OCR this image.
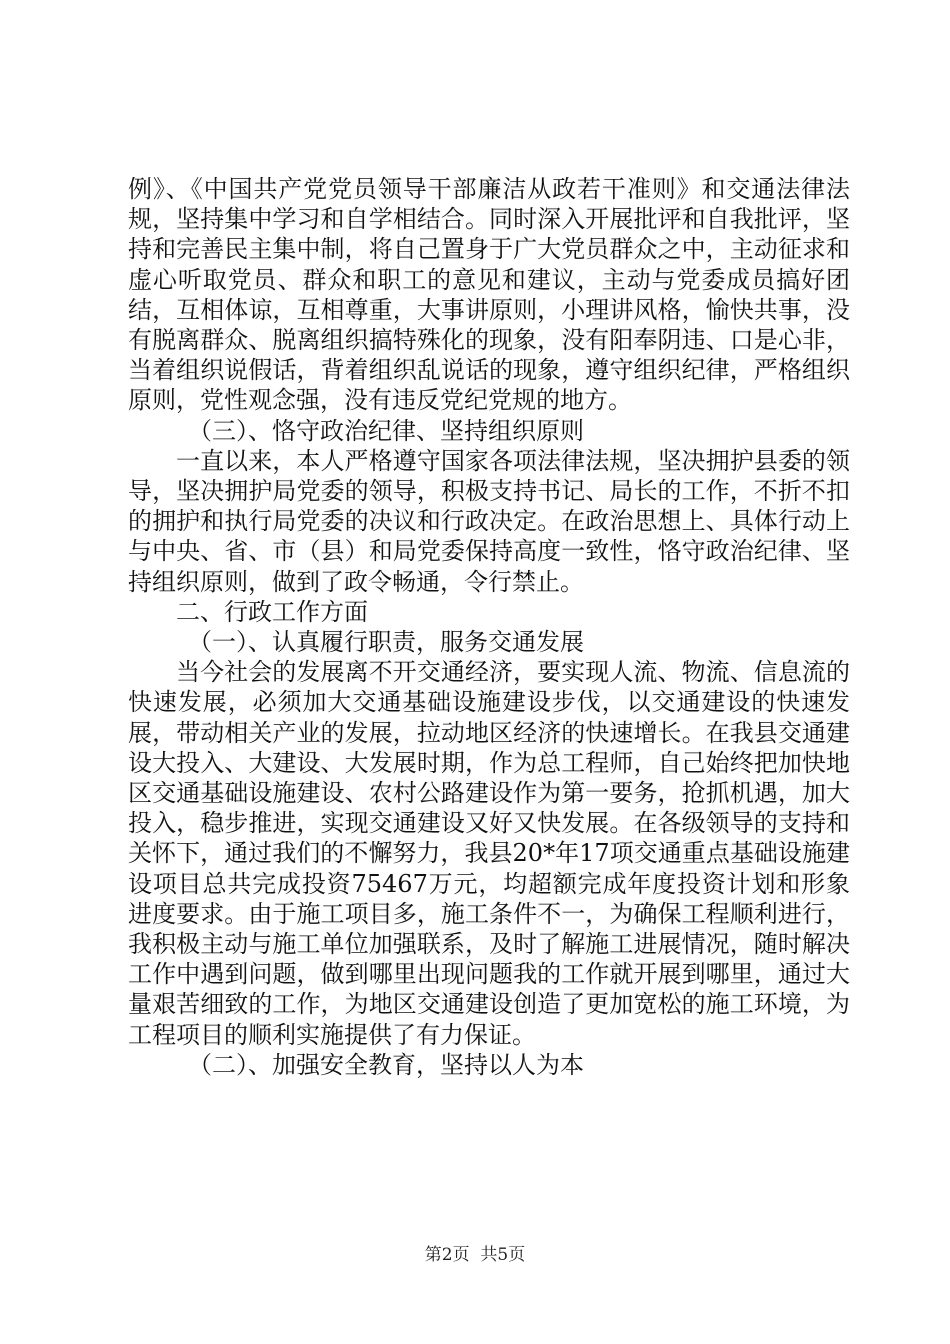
例》、《中国共产党党员领导干部廉洁从政若干准则》和交通法律法规，坚持集中学习和自学相结合。同时深入开展批评和自我批评，坚持和完善民主集中制，将自己置身于广大党员群众之中，主动征求和虚心听取党员、群众和职工的意见和建议，主动与党委成员搞好团结，互相体谅，互相尊重，大事讲原则，小理讲风格，愉快共事，没有脱离群众、脱离组织搞特殊化的现象，没有阳奉阴违、口是心非，当着组织说假话，背着组织乱说话的现象，遵守组织纪律，严格组织原则，党性观念强，没有违反党纪党规的地方。

（三）、恪守政治纪律、坚持组织原则

一直以来，本人严格遵守国家各项法律法规，坚决拥护县委的领导，坚决拥护局党委的领导，积极支持书记、局长的工作，不折不扣的拥护和执行局党委的决议和行政决定。在政治思想上、具体行动上与中央、省、市（县）和局党委保持高度一致性，恪守政治纪律、坚持组织原则，做到了政令畅通，令行禁止。

二、行政工作方面

（一）、认真履行职责，服务交通发展

当今社会的发展离不开交通经济，要实现人流、物流、信息流的快速发展，必须加大交通基础设施建设步伐，以交通建设的快速发展，带动相关产业的发展，拉动地区经济的快速增长。在我县交通建设大投入、大建设、大发展时期，作为总工程师，自己始终把加快地区交通基础设施建设、农村公路建设作为第一要务，抢抓机遇，加大投入，稳步推进，实现交通建设又好又快发展。在各级领导的支持和关怀下，通过我们的不懈努力，我县20*年17项交通重点基础设施建设项目总共完成投资75467万元，均超额完成年度投资计划和形象进度要求。由于施工项目多，施工条件不一，为确保工程顺利进行，我积极主动与施工单位加强联系，及时了解施工进展情况，随时解决工作中遇到问题，做到哪里出现问题我的工作就开展到哪里，通过大量艰苦细致的工作，为地区交通建设创造了更加宽松的施工环境，为工程项目的顺利实施提供了有力保证。

（二）、加强安全教育，坚持以人为本

第2页  共5页
